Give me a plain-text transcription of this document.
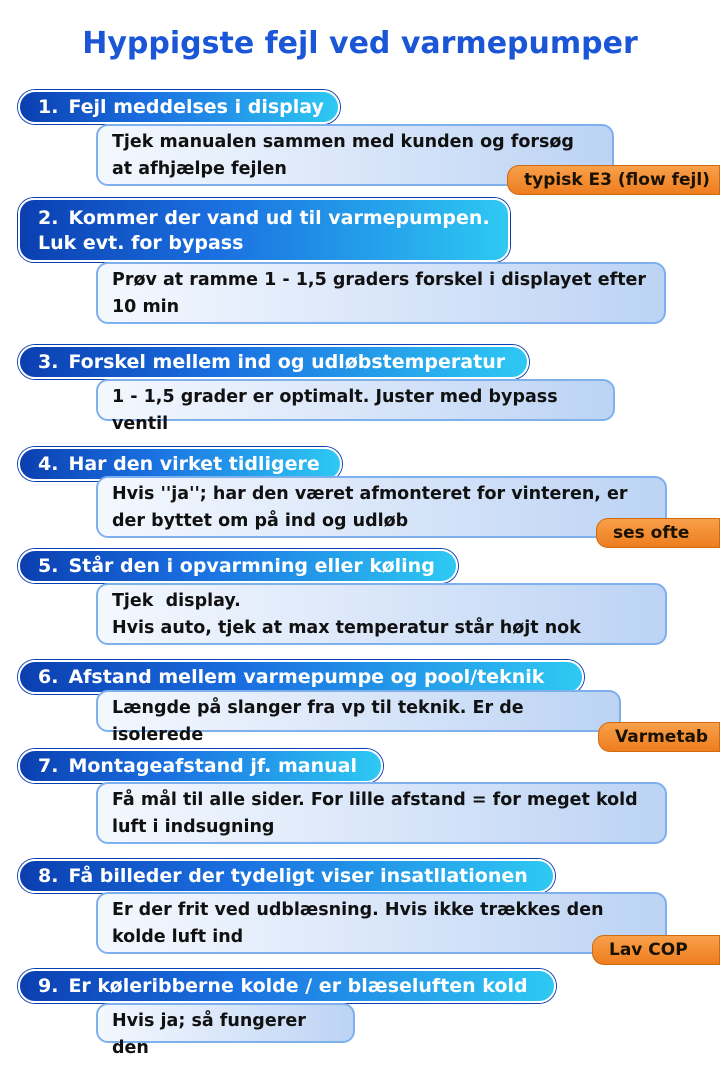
Hyppigste fejl ved varmepumper
1. Fejl meddelses i display
Tjek manualen sammen med kunden og forsøg at afhjælpe fejlen
typisk E3 (flow fejl)
2. Kommer der vand ud til varmepumpen. Luk evt. for bypass
Prøv at ramme 1 - 1,5 graders forskel i displayet efter 10 min
3. Forskel mellem ind og udløbstemperatur
1 - 1,5 grader er optimalt. Juster med bypass ventil
4. Har den virket tidligere
Hvis ''ja''; har den været afmonteret for vinteren, er der byttet om på ind og udløb
ses ofte
5. Står den i opvarmning eller køling
Tjek  display.
Hvis auto, tjek at max temperatur står højt nok
6. Afstand mellem varmepumpe og pool/teknik
Længde på slanger fra vp til teknik. Er de isolerede	Varmetab
7. Montageafstand jf. manual
Få mål til alle sider. For lille afstand = for meget kold luft i indsugning
8. Få billeder der tydeligt viser insatllationen
Er der frit ved udblæsning. Hvis ikke trækkes den kolde luft ind
Lav COP
9. Er køleribberne kolde / er blæseluften kold
Hvis ja; så fungerer den
